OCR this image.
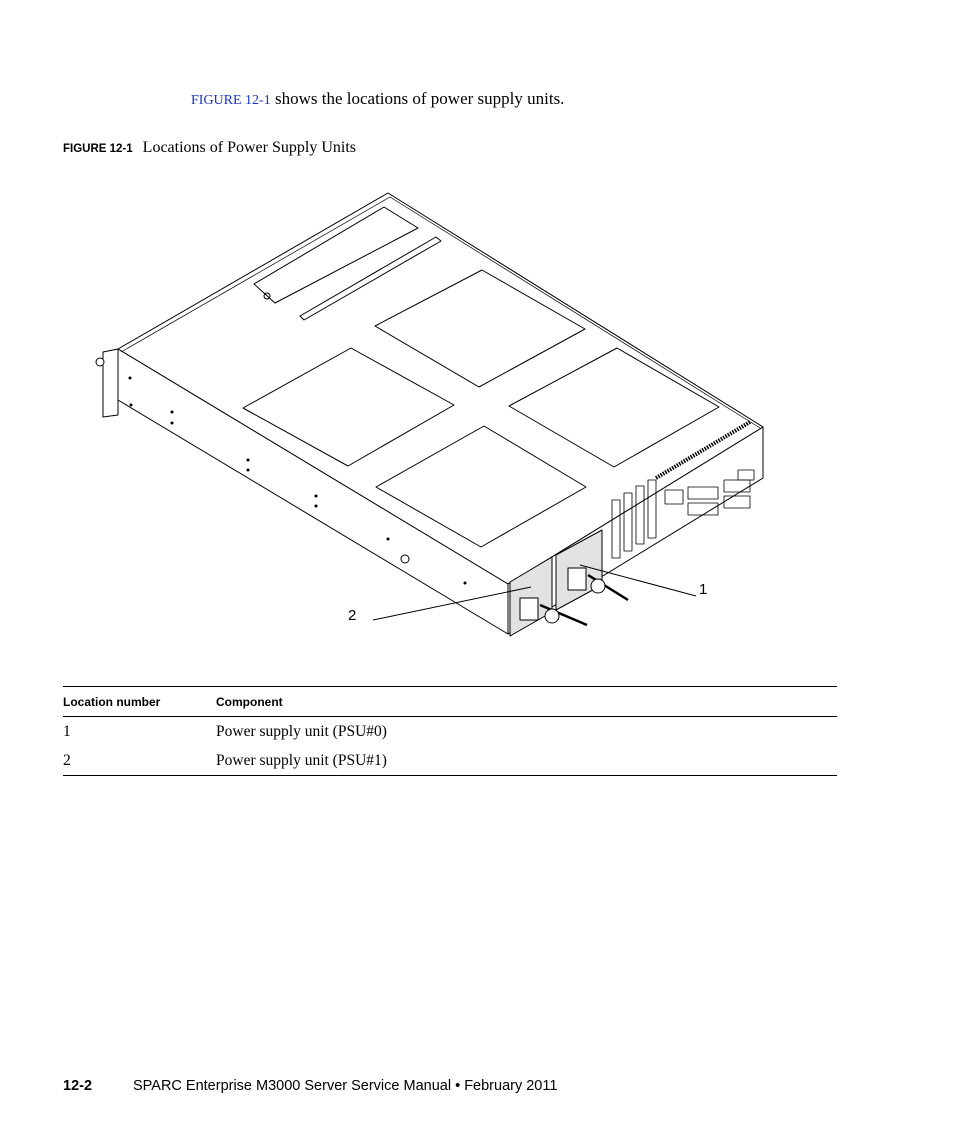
FIGURE 12-1 shows the locations of power supply units.
FIGURE 12-1 Locations of Power Supply Units
1
2
Location number	Component
1	Power supply unit (PSU#0)
2	Power supply unit (PSU#1)
12-2	SPARC Enterprise M3000 Server Service Manual • February 2011
